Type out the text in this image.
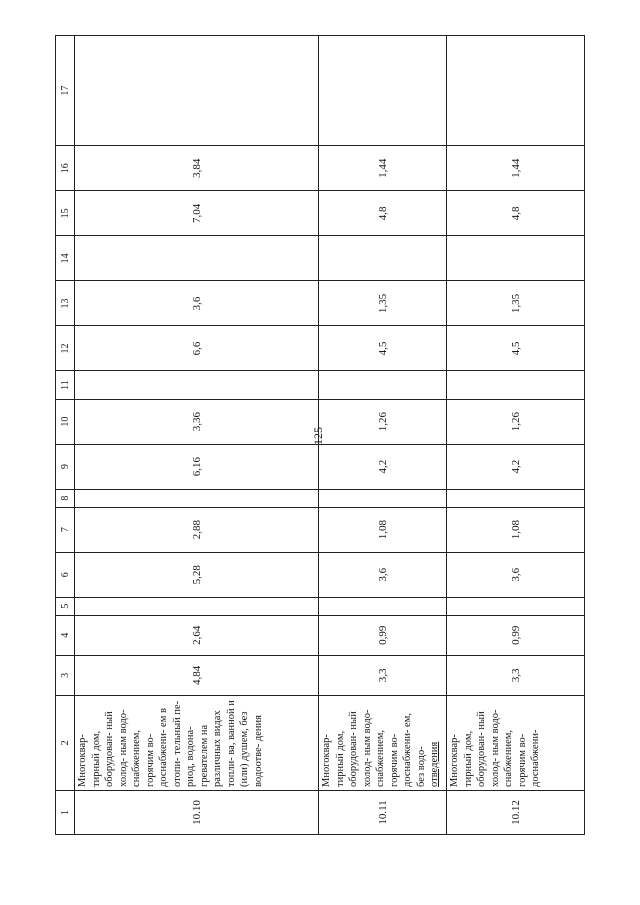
125
1	2	3	4	5	6	7	8	9	10	11	12	13	14	15	16	17
10.10	Многоквар- тирный дом, оборудован- ный холод- ным водо- снабжением, горячим во- доснабжени- ем в отопи- тельный пе- риод, водона- гревателем на различных видах топли- ва, ванной и (или) душем, без водоотве- дения	4,84	2,64		5,28	2,88		6,16	3,36		6,6	3,6		7,04	3,84	
10.11	Многоквар- тирный дом, оборудован- ный холод- ным водо- снабжением, горячим во- доснабжени- ем, без водо- отведения	3,3	0,99		3,6	1,08		4,2	1,26		4,5	1,35		4,8	1,44	
10.12	Многоквар- тирный дом, оборудован- ный холод- ным водо- снабжением, горячим во- доснабжени-	3,3	0,99		3,6	1,08		4,2	1,26		4,5	1,35		4,8	1,44	
